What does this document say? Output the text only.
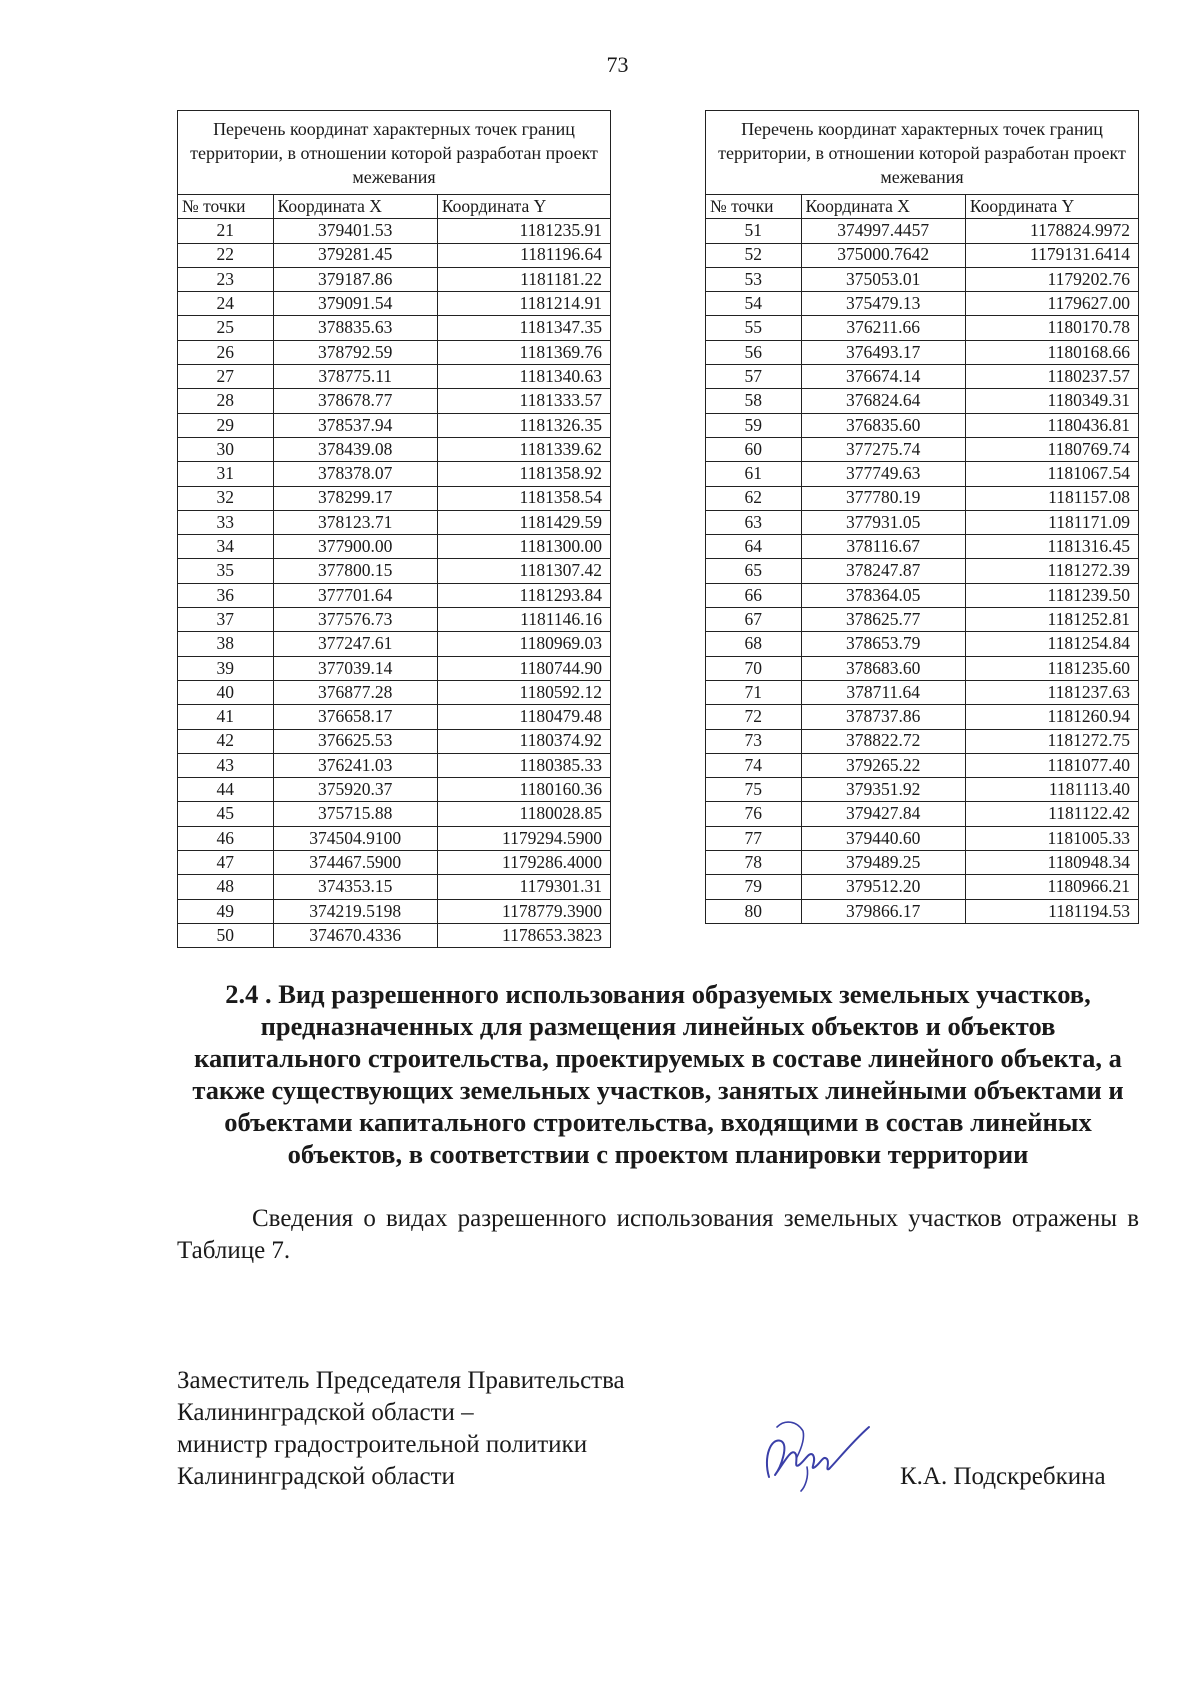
73
Перечень координат характерных точек границ территории, в отношении которой разработан проект межевания		
№ точки	Координата X	Координата Y
21	379401.53	1181235.91
22	379281.45	1181196.64
23	379187.86	1181181.22
24	379091.54	1181214.91
25	378835.63	1181347.35
26	378792.59	1181369.76
27	378775.11	1181340.63
28	378678.77	1181333.57
29	378537.94	1181326.35
30	378439.08	1181339.62
31	378378.07	1181358.92
32	378299.17	1181358.54
33	378123.71	1181429.59
34	377900.00	1181300.00
35	377800.15	1181307.42
36	377701.64	1181293.84
37	377576.73	1181146.16
38	377247.61	1180969.03
39	377039.14	1180744.90
40	376877.28	1180592.12
41	376658.17	1180479.48
42	376625.53	1180374.92
43	376241.03	1180385.33
44	375920.37	1180160.36
45	375715.88	1180028.85
46	374504.9100	1179294.5900
47	374467.5900	1179286.4000
48	374353.15	1179301.31
49	374219.5198	1178779.3900
50	374670.4336	1178653.3823
Перечень координат характерных точек границ территории, в отношении которой разработан проект межевания		
№ точки	Координата X	Координата Y
51	374997.4457	1178824.9972
52	375000.7642	1179131.6414
53	375053.01	1179202.76
54	375479.13	1179627.00
55	376211.66	1180170.78
56	376493.17	1180168.66
57	376674.14	1180237.57
58	376824.64	1180349.31
59	376835.60	1180436.81
60	377275.74	1180769.74
61	377749.63	1181067.54
62	377780.19	1181157.08
63	377931.05	1181171.09
64	378116.67	1181316.45
65	378247.87	1181272.39
66	378364.05	1181239.50
67	378625.77	1181252.81
68	378653.79	1181254.84
70	378683.60	1181235.60
71	378711.64	1181237.63
72	378737.86	1181260.94
73	378822.72	1181272.75
74	379265.22	1181077.40
75	379351.92	1181113.40
76	379427.84	1181122.42
77	379440.60	1181005.33
78	379489.25	1180948.34
79	379512.20	1180966.21
80	379866.17	1181194.53
2.4 . Вид разрешенного использования образуемых земельных участков, предназначенных для размещения линейных объектов и объектов капитального строительства, проектируемых в составе линейного объекта, а также существующих земельных участков, занятых линейными объектами и объектами капитального строительства, входящими в состав линейных объектов, в соответствии с проектом планировки территории
Сведения о видах разрешенного использования земельных участков отражены в Таблице 7.
Заместитель Председателя Правительства
Калининградской области –
министр градостроительной политики
Калининградской области	К.А. Подскребкина
